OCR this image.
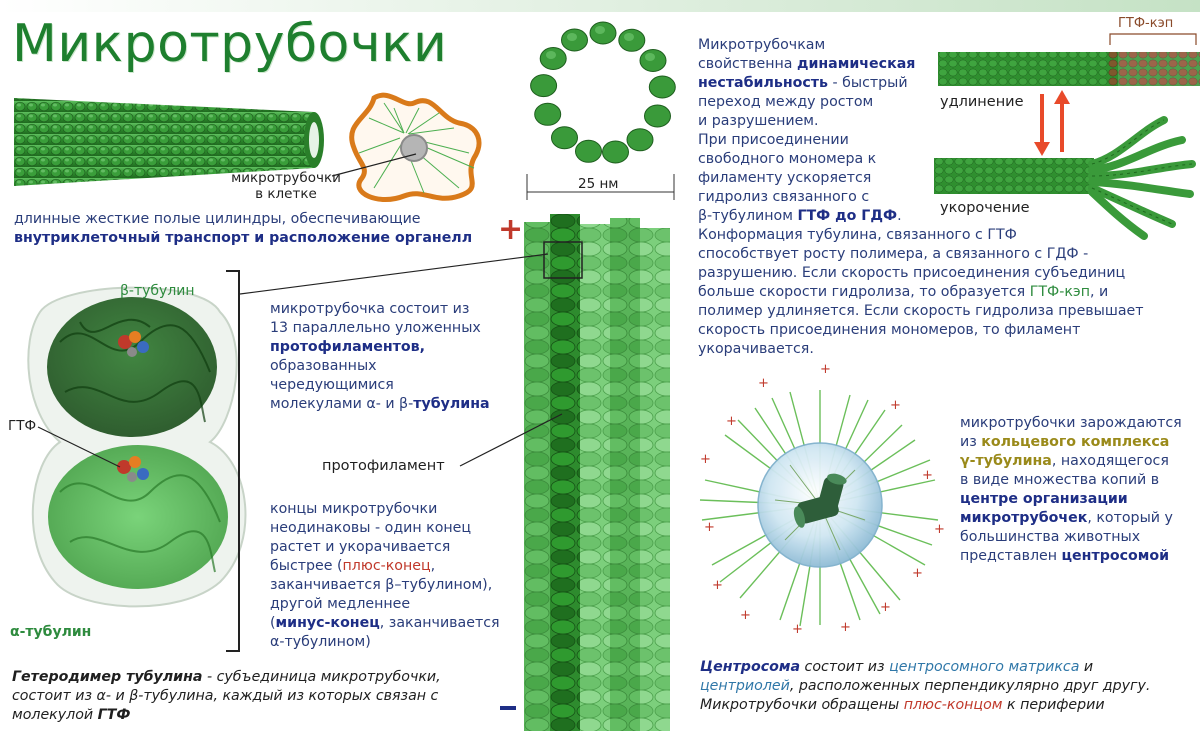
Микротрубочки
микротрубочки
в клетке
длинные жесткие полые цилиндры, обеспечивающие
внутриклеточный транспорт и расположение органелл
25 нм
+
β-тубулин
ГТФ
α-тубулин
микротрубочка состоит из
13 параллельно уложенных
протофиламентов,
образованных
чередующимися
молекулами α- и β-тубулина
протофиламент
концы микротрубочки
неодинаковы - один конец
растет и укорачивается
быстрее (плюс-конец,
заканчивается β–тубулином),
другой медленнее
(минус-конец, заканчивается
α-тубулином)
Гетеродимер тубулина - субъединица микротрубочки,
состоит из α- и β-тубулина, каждый из которых связан с
молекулой ГТФ
Микротрубочкам
свойственна динамическая
нестабильность - быстрый
переход между ростом
и разрушением.
При присоединении
свободного мономера к
филаменту ускоряется
гидролиз связанного с
β-тубулином ГТФ до ГДФ.
Конформация тубулина, связанного с ГТФ
способствует росту полимера, а связанного с ГДФ -
разрушению. Если скорость присоединения субъединиц
больше скорости гидролиза, то образуется ГТФ-кэп, и
полимер удлиняется. Если скорость гидролиза превышает
скорость присоединения мономеров, то филамент
укорачивается.
ГТФ-кэп
удлинение
укорочение
+
+
+
+
+
+
+
+
+
+
+
+
+
+	микротрубочки зарождаются
из кольцевого комплекса
γ-тубулина, находящегося
в виде множества копий в
центре организации
микротрубочек, который у
большинства животных
представлен центросомой
Центросома состоит из центросомного матрикса и
центриолей, расположенных перпендикулярно друг другу.
Микротрубочки обращены плюс-концом к периферии
